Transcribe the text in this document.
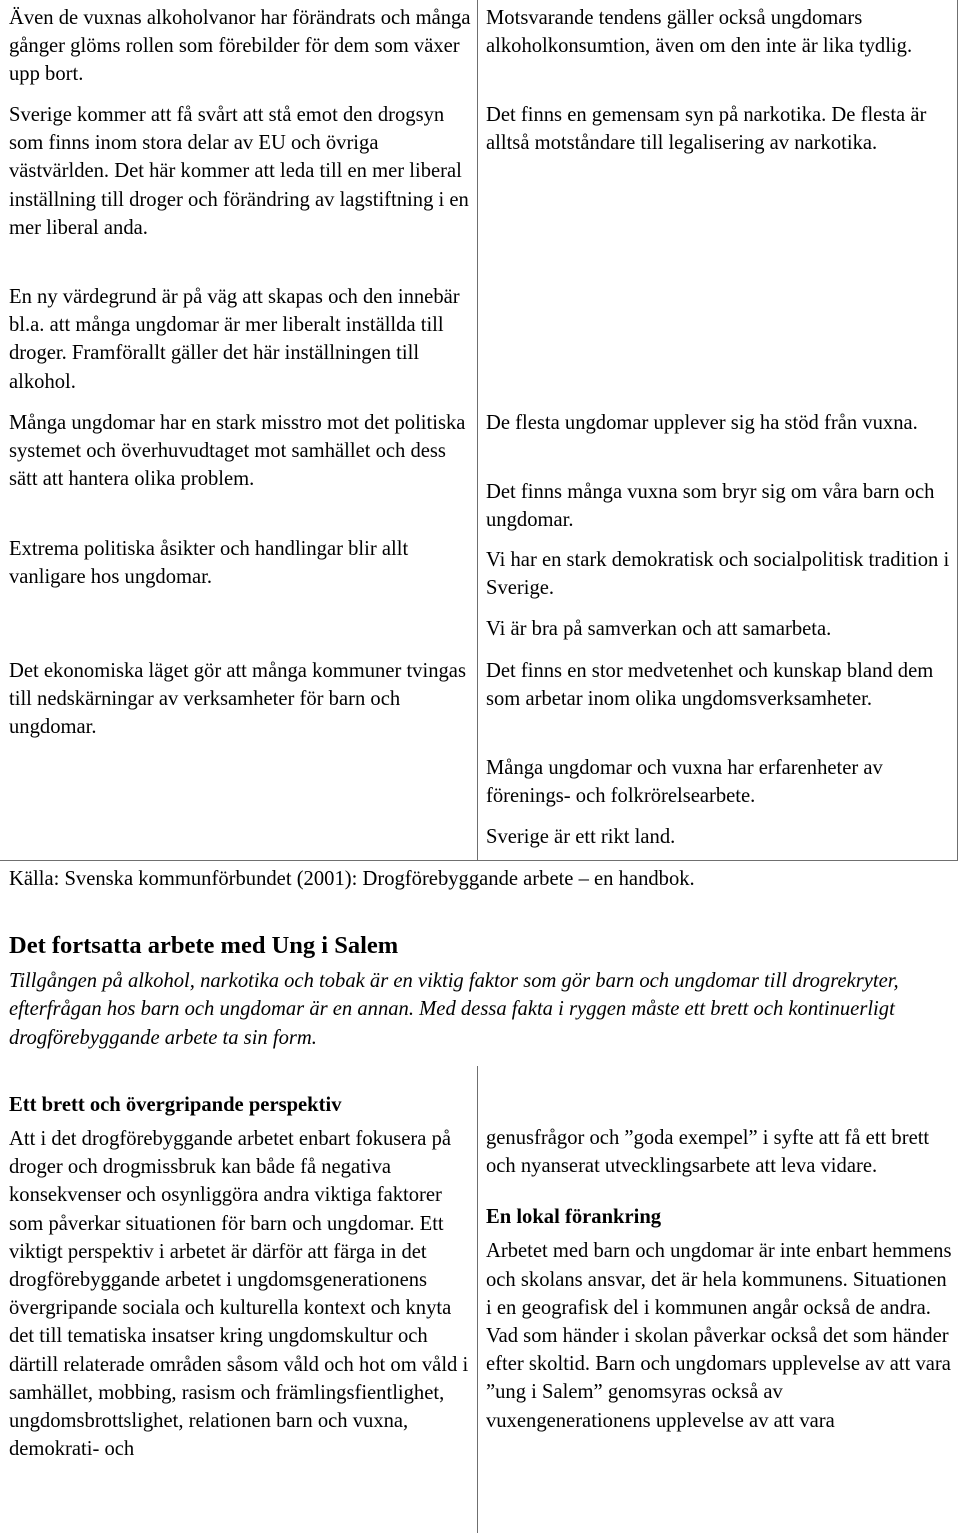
Även de vuxnas alkoholvanor har förändrats och många gånger glöms rollen som förebilder för dem som växer upp bort.

Sverige kommer att få svårt att stå emot den drogsyn som finns inom stora delar av EU och övriga västvärlden. Det här kommer att leda till en mer liberal inställning till droger och förändring av lagstiftning i en mer liberal anda.

En ny värdegrund är på väg att skapas och den innebär bl.a. att många ungdomar är mer liberalt inställda till droger. Framförallt gäller det här inställningen till alkohol.

Många ungdomar har en stark misstro mot det politiska systemet och överhuvudtaget mot samhället och dess sätt att hantera olika problem.

Extrema politiska åsikter och handlingar blir allt vanligare hos ungdomar.

Det ekonomiska läget gör att många kommuner tvingas till nedskärningar av verksamheter för barn och ungdomar.

Motsvarande tendens gäller också ungdomars alkoholkonsumtion, även om den inte är lika tydlig.

Det finns en gemensam syn på narkotika. De flesta är alltså motståndare till legalisering av narkotika.

De flesta ungdomar upplever sig ha stöd från vuxna.

Det finns många vuxna som bryr sig om våra barn och ungdomar.

Vi har en stark demokratisk och socialpolitisk tradition i Sverige.

Vi är bra på samverkan och att samarbeta.

Det finns en stor medvetenhet och kunskap bland dem som arbetar inom olika ungdomsverksamheter.

Många ungdomar och vuxna har erfarenheter av förenings- och folkrörelsearbete.

Sverige är ett rikt land.

Källa: Svenska kommunförbundet (2001): Drogförebyggande arbete – en handbok.
Det fortsatta arbete med Ung i Salem

Tillgången på alkohol, narkotika och tobak är en viktig faktor som gör barn och ungdomar till drogrekryter, efterfrågan hos barn och ungdomar är en annan. Med dessa fakta i ryggen måste ett brett och kontinuerligt drogförebyggande arbete ta sin form.

Ett brett och övergripande perspektiv

Att i det drogförebyggande arbetet enbart fokusera på droger och drogmissbruk kan både få negativa konsekvenser och osynliggöra andra viktiga faktorer som påverkar situationen för barn och ungdomar. Ett viktigt perspektiv i arbetet är därför att färga in det drogförebyggande arbetet i ungdomsgenerationens övergripande sociala och kulturella kontext och knyta det till tematiska insatser kring ungdomskultur och därtill relaterade områden såsom våld och hot om våld i samhället, mobbing, rasism och främlingsfientlighet, ungdomsbrottslighet, relationen barn och vuxna, demokrati- och

genusfrågor och ”goda exempel” i syfte att få ett brett och nyanserat utvecklingsarbete att leva vidare.

En lokal förankring

Arbetet med barn och ungdomar är inte enbart hemmens och skolans ansvar, det är hela kommunens. Situationen i en geografisk del i kommunen angår också de andra. Vad som händer i skolan påverkar också det som händer efter skoltid. Barn och ungdomars upplevelse av att vara ”ung i Salem” genomsyras också av vuxengenerationens upplevelse av att vara
